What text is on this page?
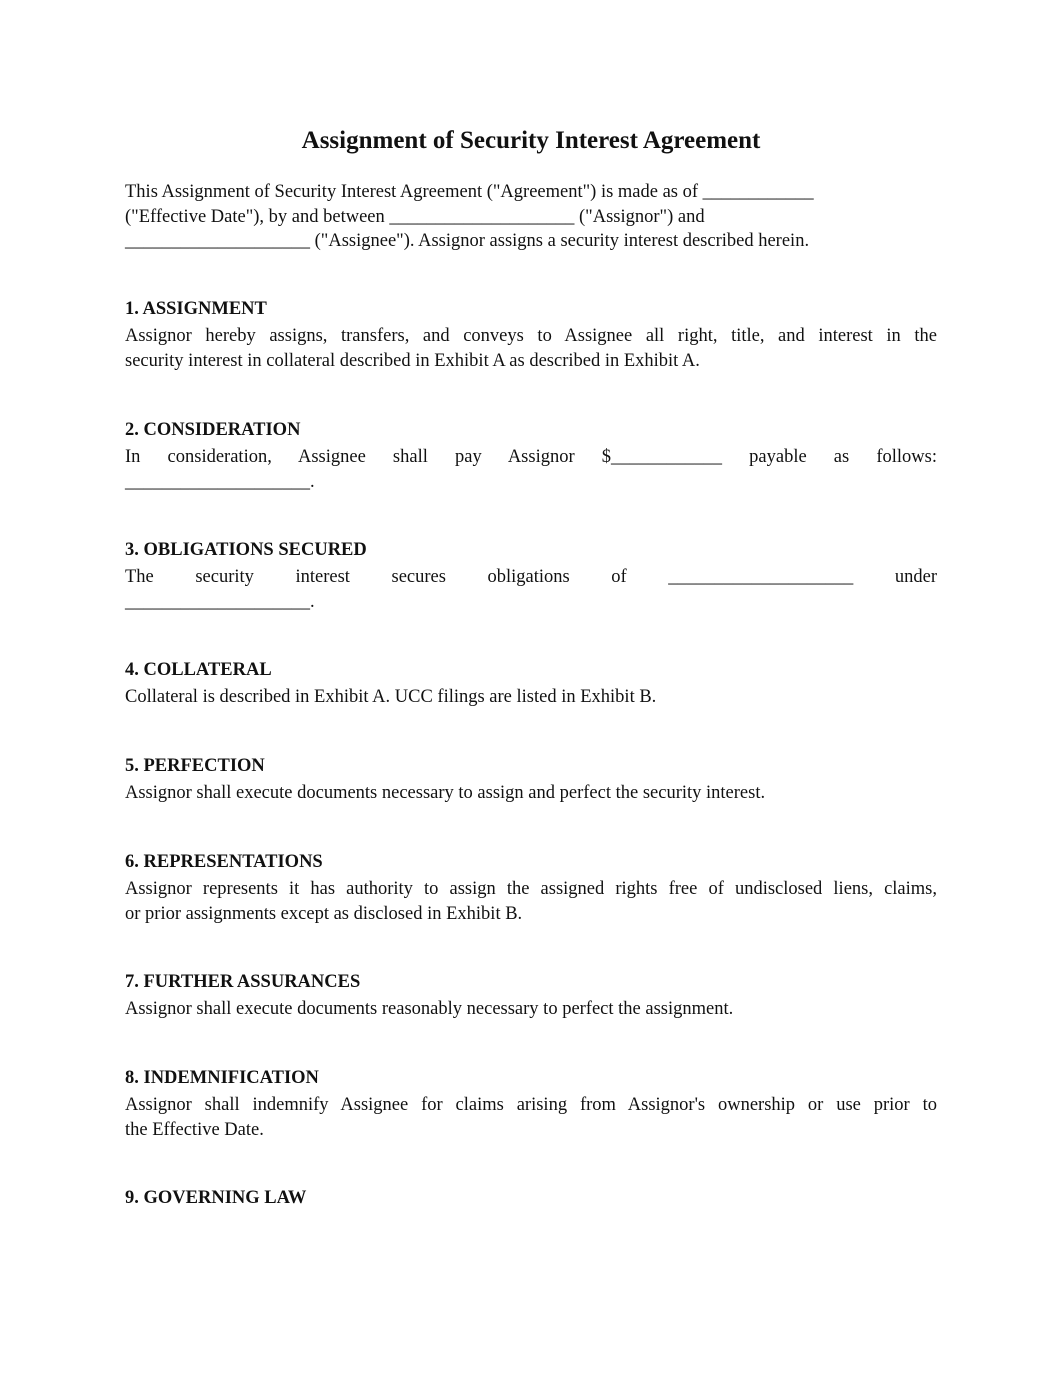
Assignment of Security Interest Agreement

This Assignment of Security Interest Agreement ("Agreement") is made as of ____________
("Effective Date"), by and between ____________________ ("Assignor") and
____________________ ("Assignee"). Assignor assigns a security interest described herein.

1. ASSIGNMENT

Assignor hereby assigns, transfers, and conveys to Assignee all right, title, and interest in the
security interest in collateral described in Exhibit A as described in Exhibit A.

2. CONSIDERATION

In consideration, Assignee shall pay Assignor $____________ payable as follows:
____________________.

3. OBLIGATIONS SECURED

The security interest secures obligations of ____________________ under
____________________.

4. COLLATERAL

Collateral is described in Exhibit A. UCC filings are listed in Exhibit B.

5. PERFECTION

Assignor shall execute documents necessary to assign and perfect the security interest.

6. REPRESENTATIONS

Assignor represents it has authority to assign the assigned rights free of undisclosed liens, claims,
or prior assignments except as disclosed in Exhibit B.

7. FURTHER ASSURANCES

Assignor shall execute documents reasonably necessary to perfect the assignment.

8. INDEMNIFICATION

Assignor shall indemnify Assignee for claims arising from Assignor's ownership or use prior to
the Effective Date.

9. GOVERNING LAW
